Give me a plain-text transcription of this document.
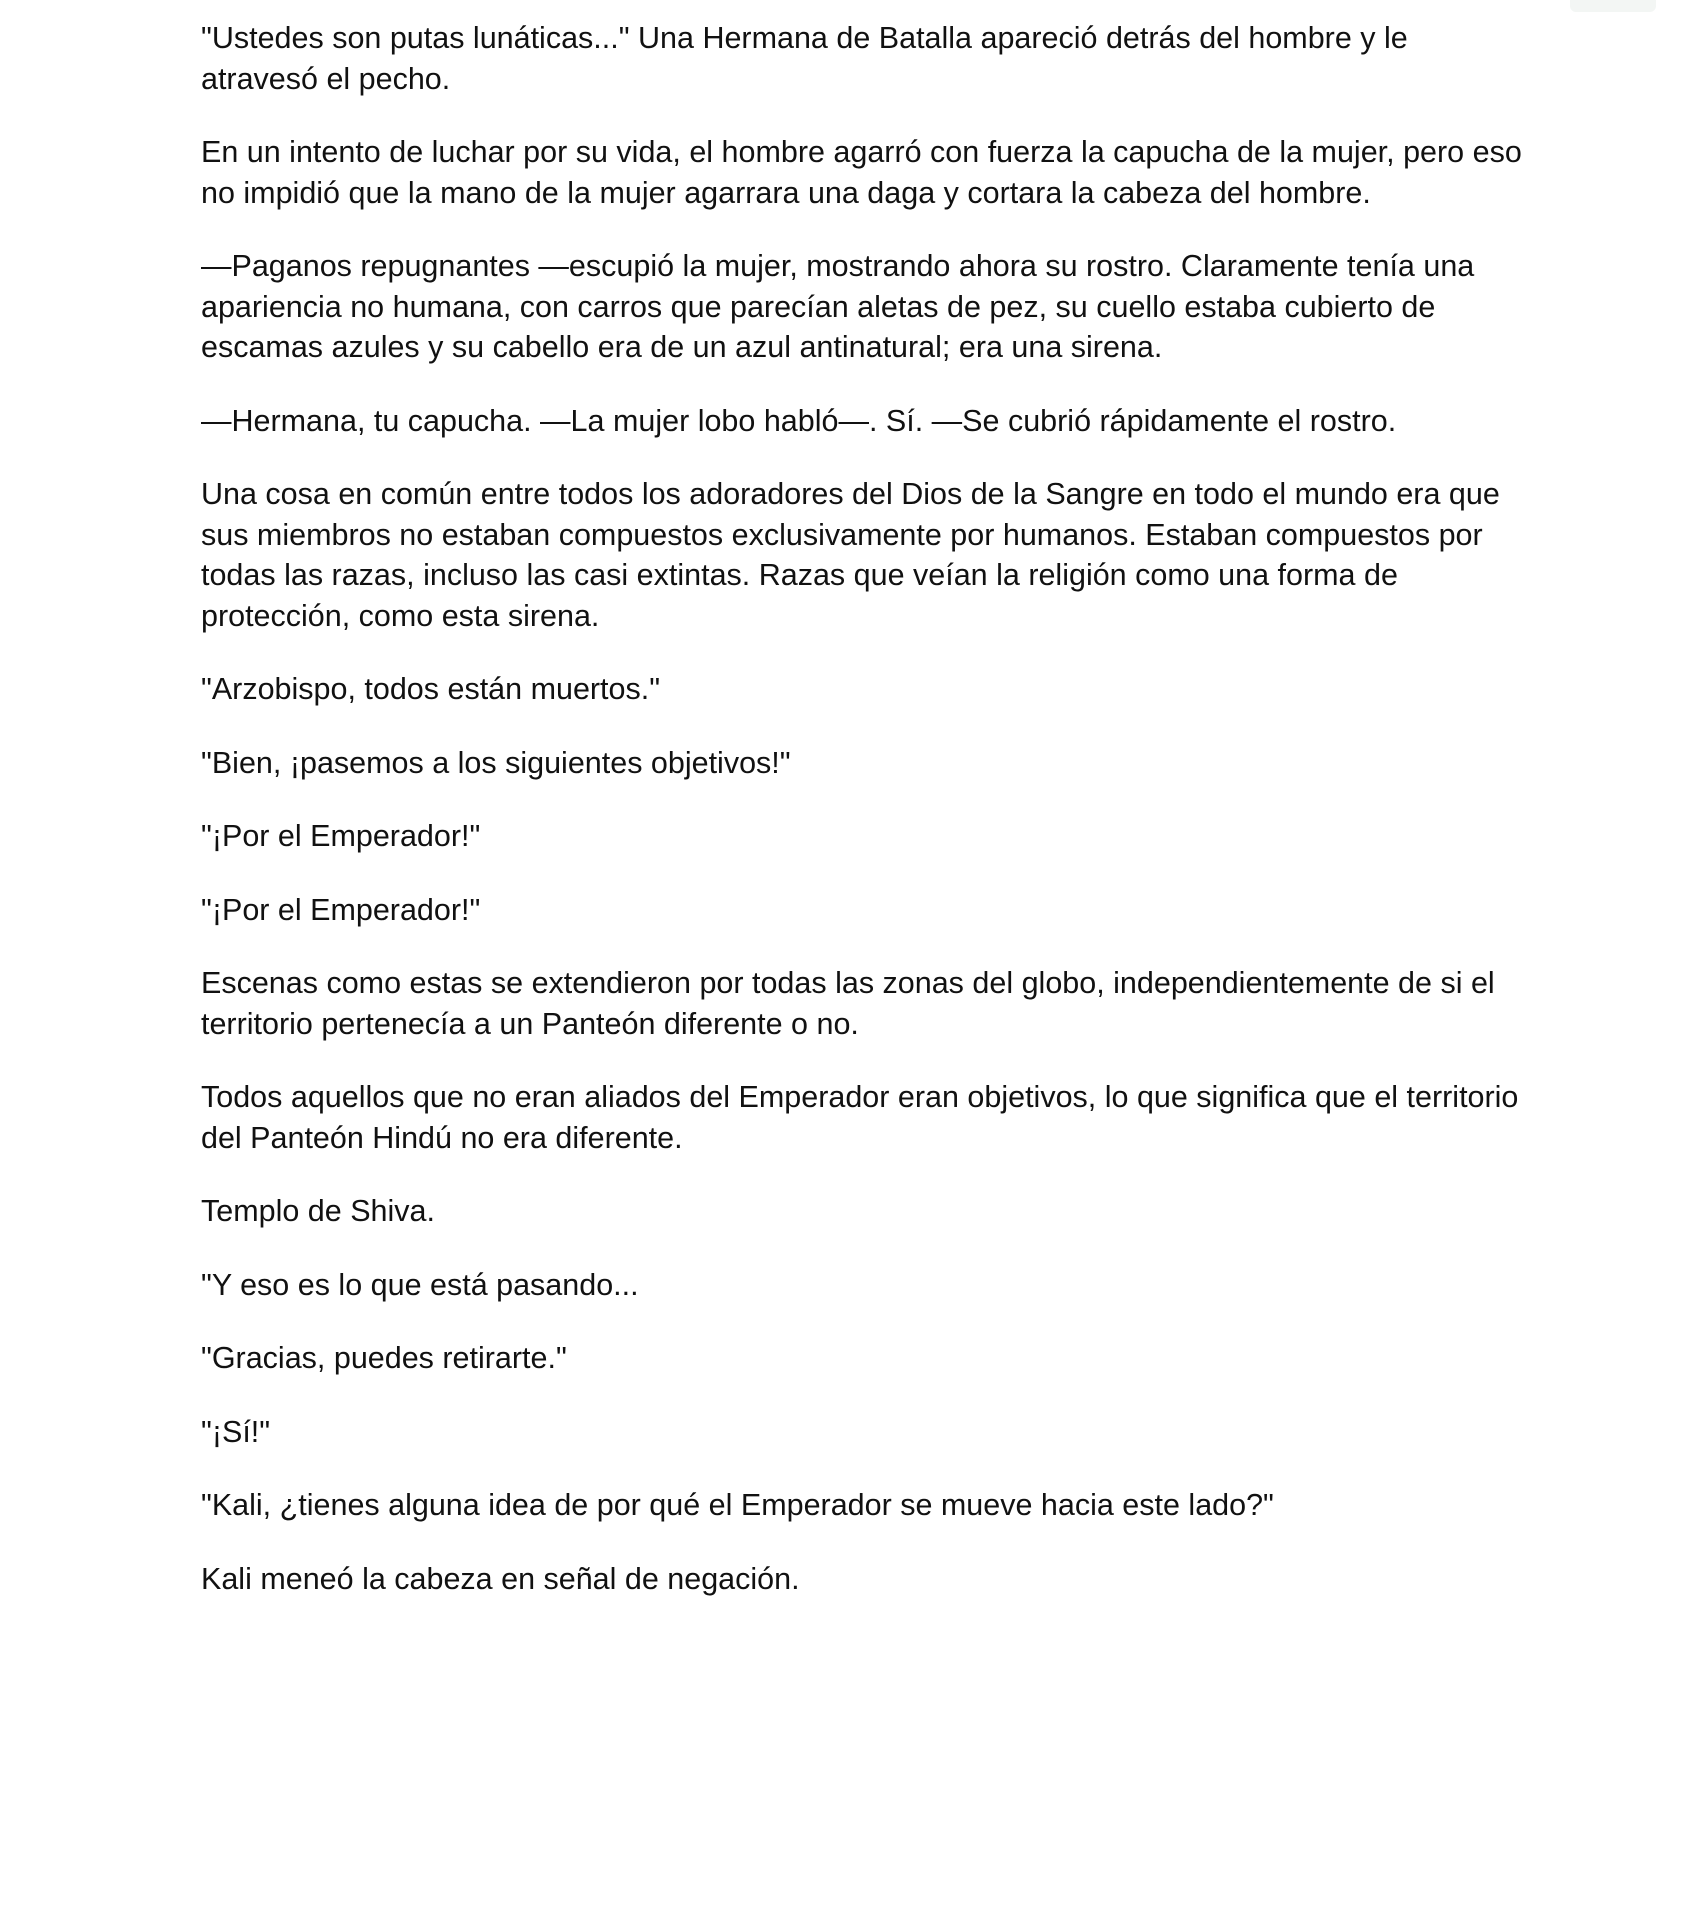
"Ustedes son putas lunáticas..." Una Hermana de Batalla apareció detrás del hombre y le atravesó el pecho.

En un intento de luchar por su vida, el hombre agarró con fuerza la capucha de la mujer, pero eso no impidió que la mano de la mujer agarrara una daga y cortara la cabeza del hombre.

—Paganos repugnantes —escupió la mujer, mostrando ahora su rostro. Claramente tenía una apariencia no humana, con carros que parecían aletas de pez, su cuello estaba cubierto de escamas azules y su cabello era de un azul antinatural; era una sirena.

—Hermana, tu capucha. —La mujer lobo habló—. Sí. —Se cubrió rápidamente el rostro.

Una cosa en común entre todos los adoradores del Dios de la Sangre en todo el mundo era que sus miembros no estaban compuestos exclusivamente por humanos. Estaban compuestos por todas las razas, incluso las casi extintas. Razas que veían la religión como una forma de protección, como esta sirena.

"Arzobispo, todos están muertos."

"Bien, ¡pasemos a los siguientes objetivos!"

"¡Por el Emperador!"

"¡Por el Emperador!"

Escenas como estas se extendieron por todas las zonas del globo, independientemente de si el territorio pertenecía a un Panteón diferente o no.

Todos aquellos que no eran aliados del Emperador eran objetivos, lo que significa que el territorio del Panteón Hindú no era diferente.

Templo de Shiva.

"Y eso es lo que está pasando...

"Gracias, puedes retirarte."

"¡Sí!"

"Kali, ¿tienes alguna idea de por qué el Emperador se mueve hacia este lado?"

Kali meneó la cabeza en señal de negación.
